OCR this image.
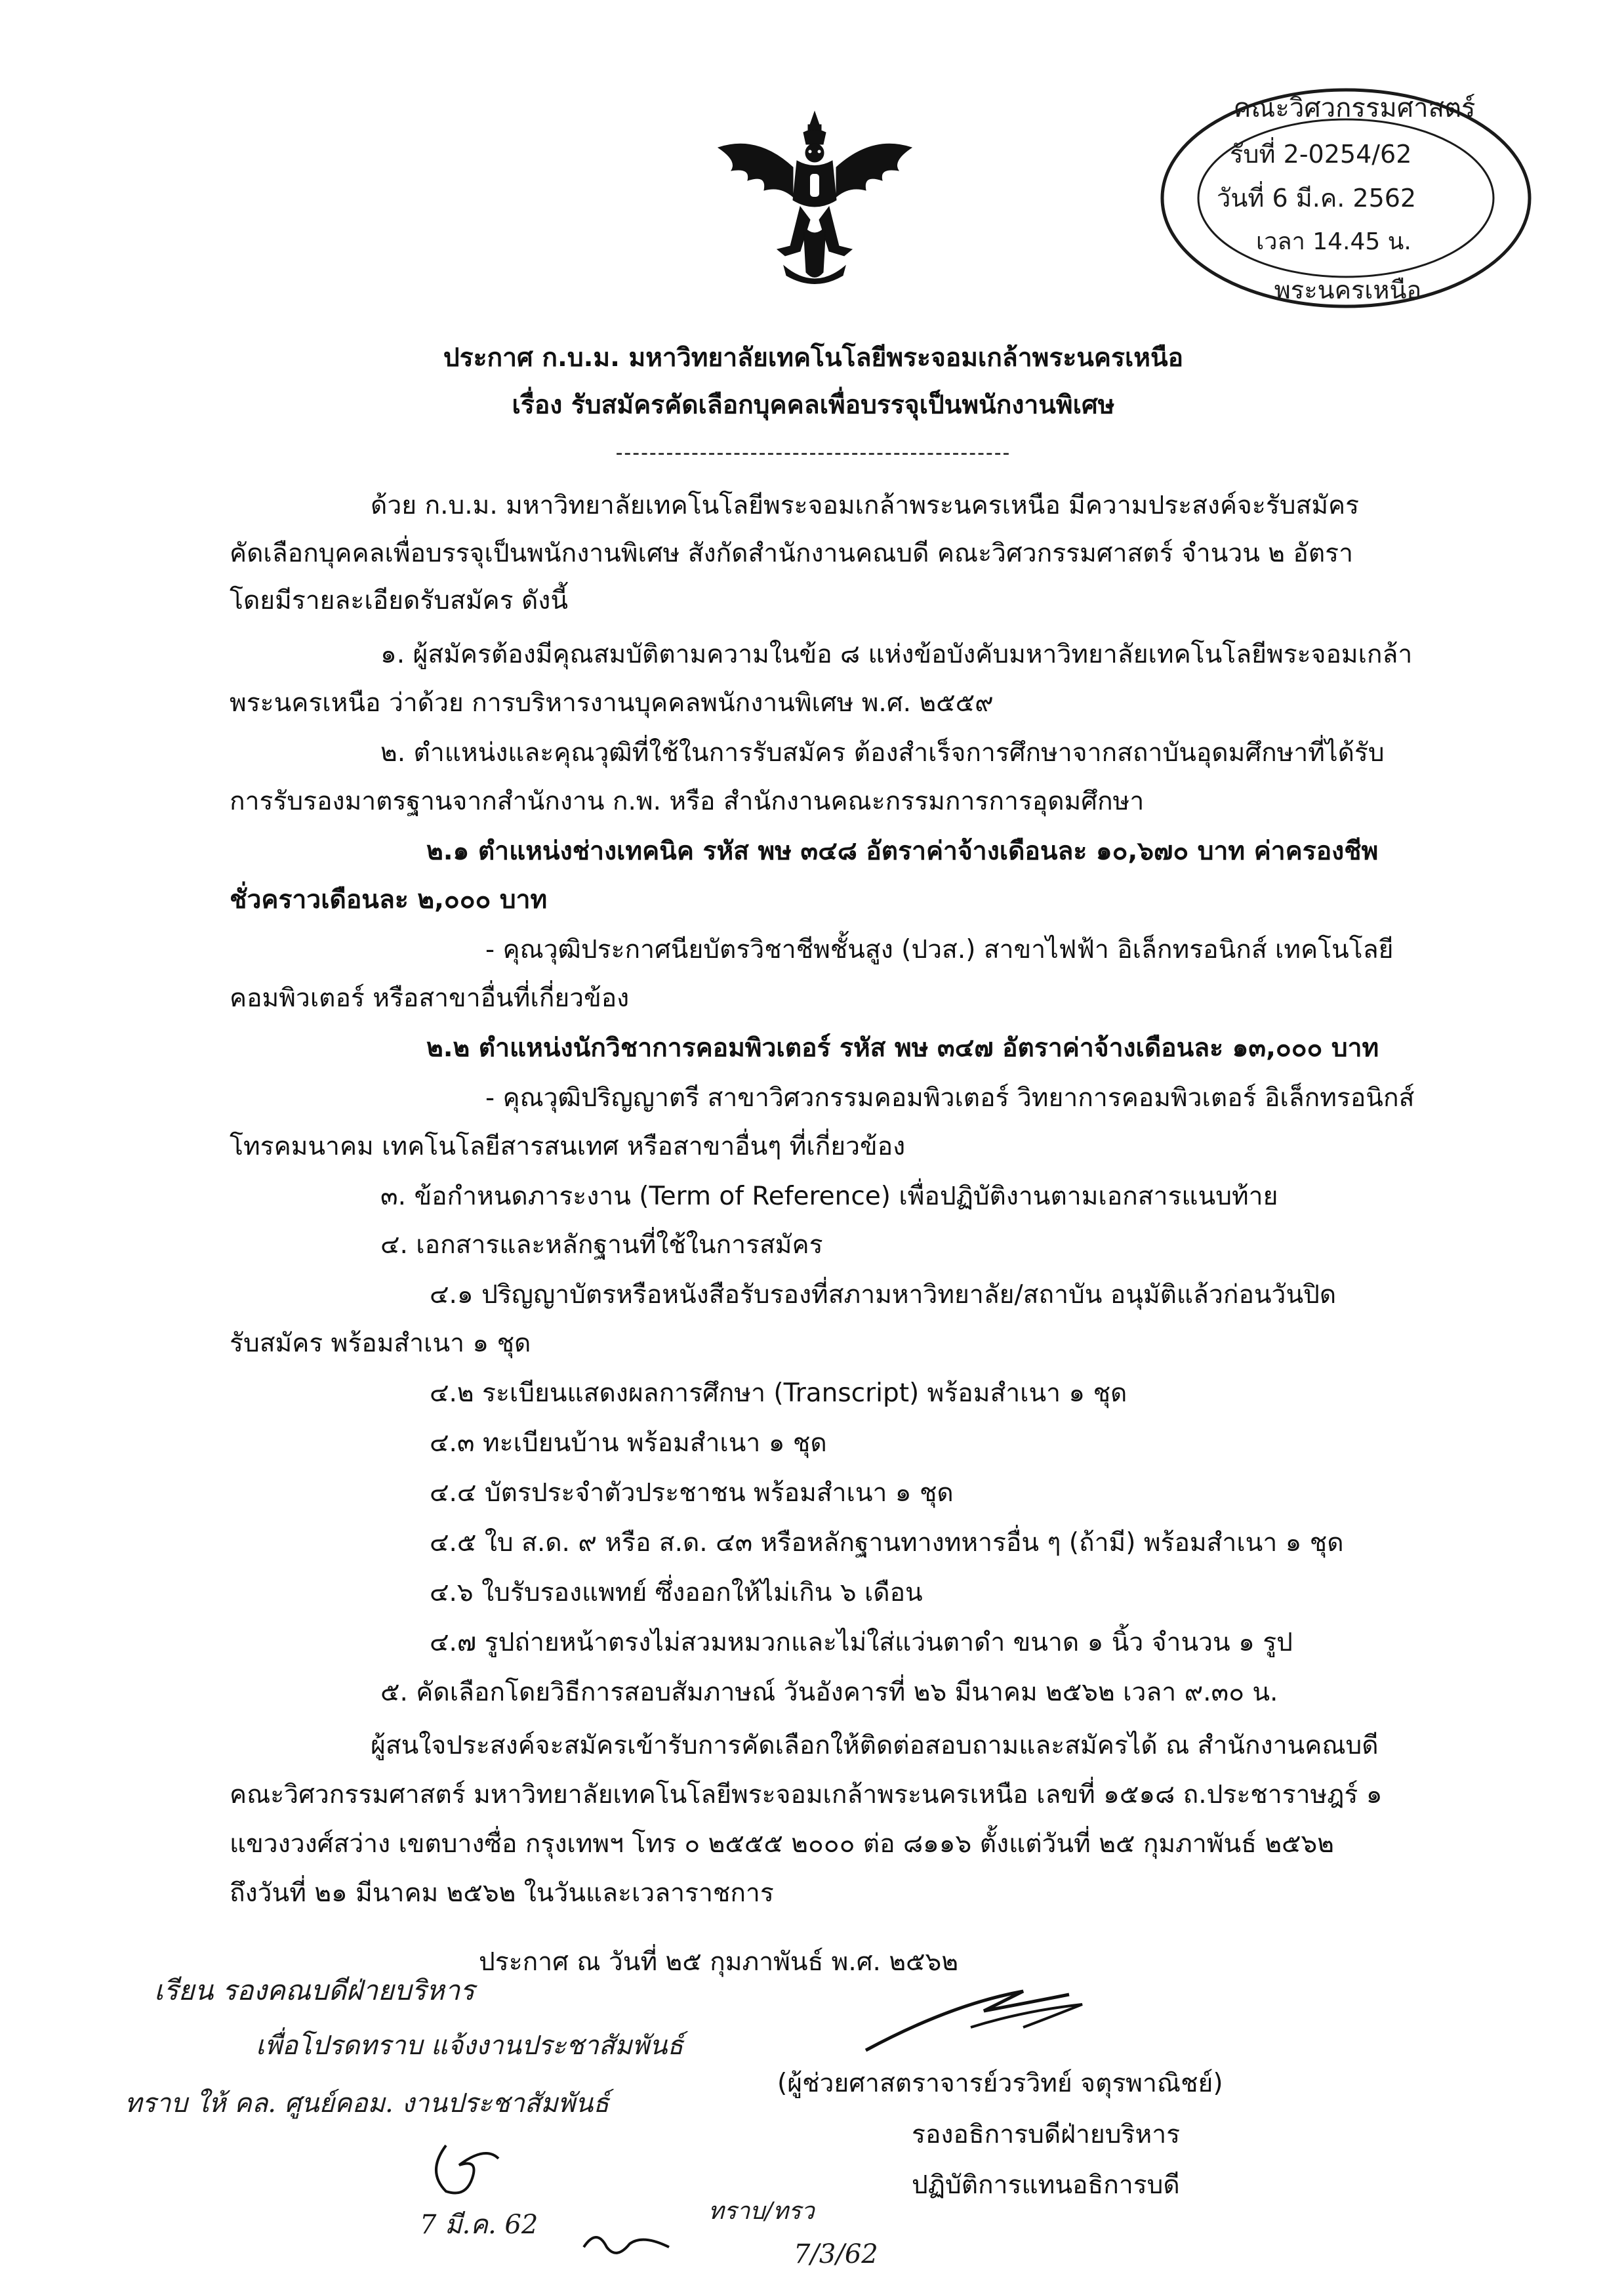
คณะวิศวกรรมศาสตร์
รับที่ 2-0254/62
วันที่ 6 มี.ค. 2562
เวลา 14.45 น.
พระนครเหนือ
ประกาศ ก.บ.ม. มหาวิทยาลัยเทคโนโลยีพระจอมเกล้าพระนครเหนือ
เรื่อง รับสมัครคัดเลือกบุคคลเพื่อบรรจุเป็นพนักงานพิเศษ
-----------------------------------------------
ด้วย ก.บ.ม. มหาวิทยาลัยเทคโนโลยีพระจอมเกล้าพระนครเหนือ มีความประสงค์จะรับสมัคร
คัดเลือกบุคคลเพื่อบรรจุเป็นพนักงานพิเศษ สังกัดสำนักงานคณบดี คณะวิศวกรรมศาสตร์ จำนวน ๒ อัตรา
โดยมีรายละเอียดรับสมัคร ดังนี้
๑. ผู้สมัครต้องมีคุณสมบัติตามความในข้อ ๘ แห่งข้อบังคับมหาวิทยาลัยเทคโนโลยีพระจอมเกล้า
พระนครเหนือ ว่าด้วย การบริหารงานบุคคลพนักงานพิเศษ พ.ศ. ๒๕๕๙
๒. ตำแหน่งและคุณวุฒิที่ใช้ในการรับสมัคร ต้องสำเร็จการศึกษาจากสถาบันอุดมศึกษาที่ได้รับ
การรับรองมาตรฐานจากสำนักงาน ก.พ. หรือ สำนักงานคณะกรรมการการอุดมศึกษา
๒.๑ ตำแหน่งช่างเทคนิค รหัส พษ ๓๔๘ อัตราค่าจ้างเดือนละ ๑๐,๖๗๐ บาท ค่าครองชีพ
ชั่วคราวเดือนละ ๒,๐๐๐ บาท
- คุณวุฒิประกาศนียบัตรวิชาชีพชั้นสูง (ปวส.) สาขาไฟฟ้า อิเล็กทรอนิกส์ เทคโนโลยี
คอมพิวเตอร์ หรือสาขาอื่นที่เกี่ยวข้อง
๒.๒ ตำแหน่งนักวิชาการคอมพิวเตอร์ รหัส พษ ๓๔๗ อัตราค่าจ้างเดือนละ ๑๓,๐๐๐ บาท
- คุณวุฒิปริญญาตรี สาขาวิศวกรรมคอมพิวเตอร์ วิทยาการคอมพิวเตอร์ อิเล็กทรอนิกส์
โทรคมนาคม เทคโนโลยีสารสนเทศ หรือสาขาอื่นๆ ที่เกี่ยวข้อง
๓. ข้อกำหนดภาระงาน (Term of Reference) เพื่อปฏิบัติงานตามเอกสารแนบท้าย
๔. เอกสารและหลักฐานที่ใช้ในการสมัคร
๔.๑ ปริญญาบัตรหรือหนังสือรับรองที่สภามหาวิทยาลัย/สถาบัน อนุมัติแล้วก่อนวันปิด
รับสมัคร พร้อมสำเนา ๑ ชุด
๔.๒ ระเบียนแสดงผลการศึกษา (Transcript) พร้อมสำเนา ๑ ชุด
๔.๓ ทะเบียนบ้าน พร้อมสำเนา ๑ ชุด
๔.๔ บัตรประจำตัวประชาชน พร้อมสำเนา ๑ ชุด
๔.๕ ใบ ส.ด. ๙ หรือ ส.ด. ๔๓ หรือหลักฐานทางทหารอื่น ๆ (ถ้ามี) พร้อมสำเนา ๑ ชุด
๔.๖ ใบรับรองแพทย์ ซึ่งออกให้ไม่เกิน ๖ เดือน
๔.๗ รูปถ่ายหน้าตรงไม่สวมหมวกและไม่ใส่แว่นตาดำ ขนาด ๑ นิ้ว จำนวน ๑ รูป
๕. คัดเลือกโดยวิธีการสอบสัมภาษณ์ วันอังคารที่ ๒๖ มีนาคม ๒๕๖๒ เวลา ๙.๓๐ น.
ผู้สนใจประสงค์จะสมัครเข้ารับการคัดเลือกให้ติดต่อสอบถามและสมัครได้ ณ สำนักงานคณบดี
คณะวิศวกรรมศาสตร์ มหาวิทยาลัยเทคโนโลยีพระจอมเกล้าพระนครเหนือ เลขที่ ๑๕๑๘ ถ.ประชาราษฎร์ ๑
แขวงวงศ์สว่าง เขตบางซื่อ กรุงเทพฯ โทร ๐ ๒๕๕๕ ๒๐๐๐ ต่อ ๘๑๑๖ ตั้งแต่วันที่ ๒๕ กุมภาพันธ์ ๒๕๖๒
ถึงวันที่ ๒๑ มีนาคม ๒๕๖๒ ในวันและเวลาราชการ
ประกาศ ณ วันที่ ๒๕ กุมภาพันธ์ พ.ศ. ๒๕๖๒
(ผู้ช่วยศาสตราจารย์วรวิทย์ จตุรพาณิชย์)
รองอธิการบดีฝ่ายบริหาร
ปฏิบัติการแทนอธิการบดี
เรียน รองคณบดีฝ่ายบริหาร
เพื่อโปรดทราบ แจ้งงานประชาสัมพันธ์
ทราบ ให้ คล. ศูนย์คอม. งานประชาสัมพันธ์
7 มี.ค. 62	ทราบ/ทรว
7/3/62
